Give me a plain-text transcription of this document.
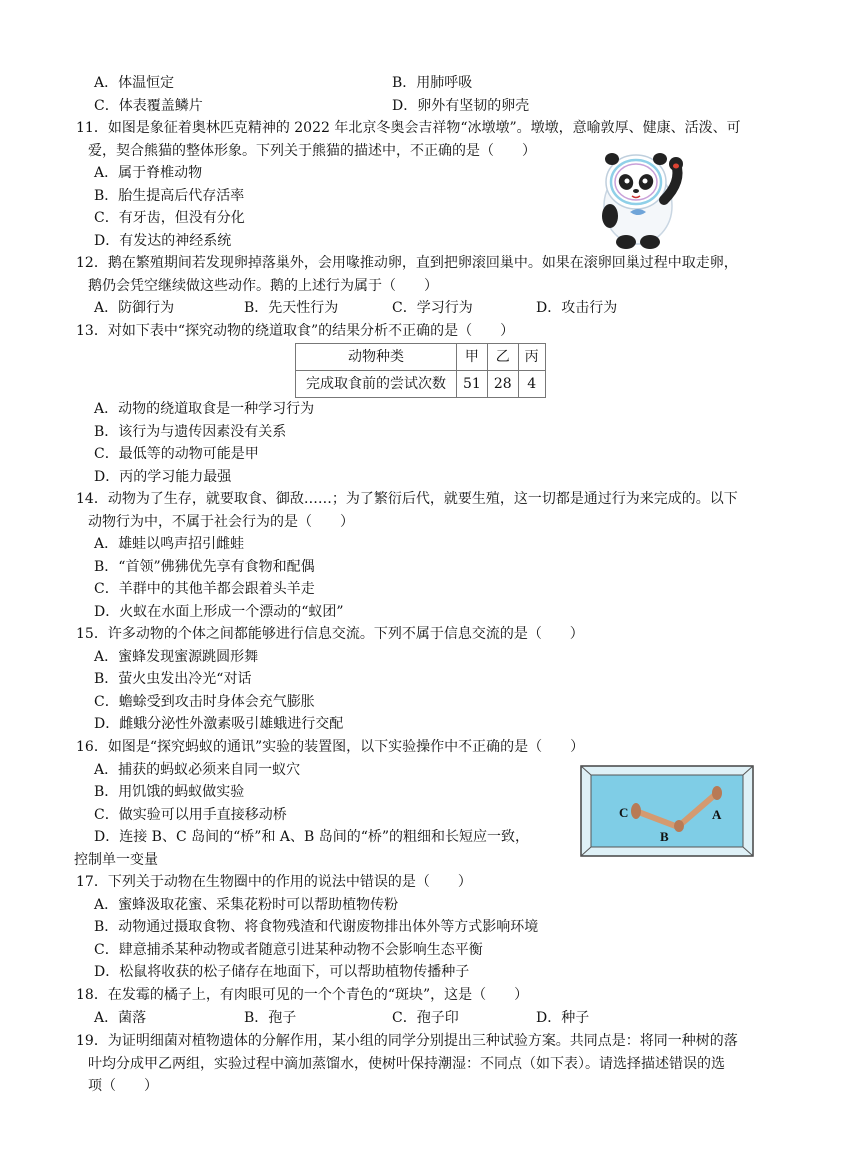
A．体温恒定	B．用肺呼吸
C．体表覆盖鳞片	D．卵外有坚韧的卵壳
11．如图是象征着奥林匹克精神的 2022 年北京冬奥会吉祥物“冰墩墩”。墩墩，意喻敦厚、健康、活泼、可
爱，契合熊猫的整体形象。下列关于熊猫的描述中，不正确的是（　　）
A．属于脊椎动物
B．胎生提高后代存活率
C．有牙齿，但没有分化
D．有发达的神经系统
12．鹅在繁殖期间若发现卵掉落巢外，会用喙推动卵，直到把卵滚回巢中。如果在滚卵回巢过程中取走卵，
鹅仍会凭空继续做这些动作。鹅的上述行为属于（　　）
A．防御行为	B．先天性行为	C．学习行为	D．攻击行为
13．对如下表中“探究动物的绕道取食”的结果分析不正确的是（　　）
动物种类	甲	乙	丙
完成取食前的尝试次数	51	28	4
A．动物的绕道取食是一种学习行为
B．该行为与遗传因素没有关系
C．最低等的动物可能是甲
D．丙的学习能力最强
14．动物为了生存，就要取食、御敌……；为了繁衍后代，就要生殖，这一切都是通过行为来完成的。以下
动物行为中，不属于社会行为的是（　　）
A．雄蛙以鸣声招引雌蛙
B．“首领”佛狒优先享有食物和配偶
C．羊群中的其他羊都会跟着头羊走
D．火蚁在水面上形成一个漂动的“蚁团”
15．许多动物的个体之间都能够进行信息交流。下列不属于信息交流的是（　　）
A．蜜蜂发现蜜源跳圆形舞
B．萤火虫发出冷光“对话
C．蟾蜍受到攻击时身体会充气膨胀
D．雌蛾分泌性外激素吸引雄蛾进行交配
16．如图是“探究蚂蚁的通讯”实验的装置图，以下实验操作中不正确的是（　　）
A．捕获的蚂蚁必须来自同一蚁穴
B．用饥饿的蚂蚁做实验
C．做实验可以用手直接移动桥
D．连接 B、C 岛间的“桥”和 A、B 岛间的“桥”的粗细和长短应一致，
控制单一变量
C
B
A
17．下列关于动物在生物圈中的作用的说法中错误的是（　　）
A．蜜蜂汲取花蜜、采集花粉时可以帮助植物传粉
B．动物通过摄取食物、将食物残渣和代谢废物排出体外等方式影响环境
C．肆意捕杀某种动物或者随意引进某种动物不会影响生态平衡
D．松鼠将收获的松子储存在地面下，可以帮助植物传播种子
18．在发霉的橘子上，有肉眼可见的一个个青色的“斑块”，这是（　　）
A．菌落	B．孢子	C．孢子印	D．种子
19．为证明细菌对植物遗体的分解作用，某小组的同学分别提出三种试验方案。共同点是：将同一种树的落
叶均分成甲乙两组，实验过程中滴加蒸馏水，使树叶保持潮湿：不同点（如下表）。请选择描述错误的选
项（　　）
